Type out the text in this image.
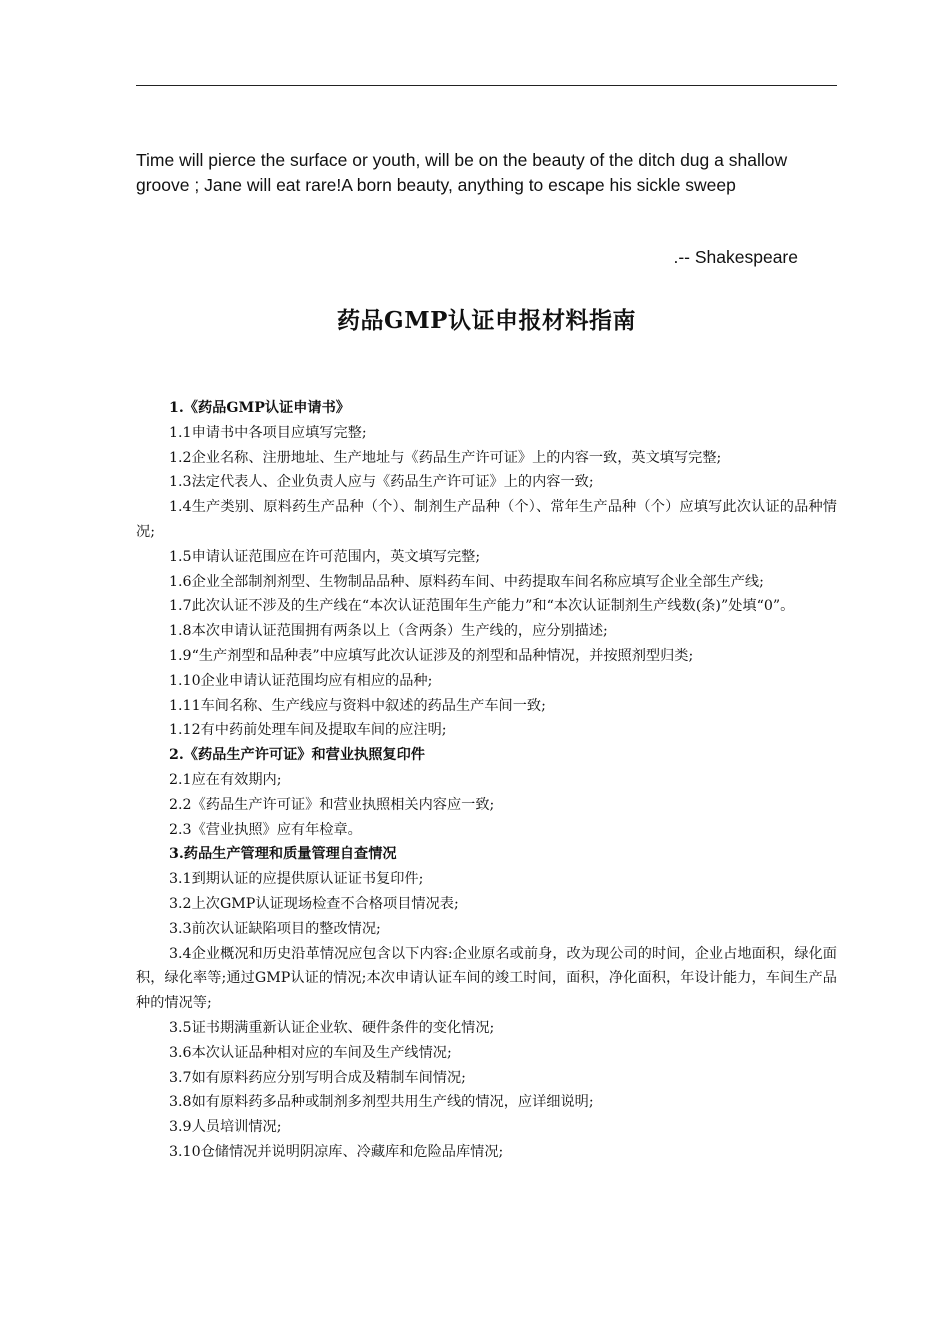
Time will pierce the surface or youth, will be on the beauty of the ditch dug a shallow groove ; Jane will eat rare!A born beauty, anything to escape his sickle sweep
.-- Shakespeare
药品GMP认证申报材料指南

1.《药品GMP认证申请书》

1.1申请书中各项目应填写完整;

1.2企业名称、注册地址、生产地址与《药品生产许可证》上的内容一致，英文填写完整;

1.3法定代表人、企业负责人应与《药品生产许可证》上的内容一致;

1.4生产类别、原料药生产品种（个）、制剂生产品种（个）、常年生产品种（个）应填写此次认证的品种情况;

1.5申请认证范围应在许可范围内，英文填写完整;

1.6企业全部制剂剂型、生物制品品种、原料药车间、中药提取车间名称应填写企业全部生产线;

1.7此次认证不涉及的生产线在“本次认证范围年生产能力”和“本次认证制剂生产线数(条)”处填“0”。

1.8本次申请认证范围拥有两条以上（含两条）生产线的，应分别描述;

1.9“生产剂型和品种表”中应填写此次认证涉及的剂型和品种情况，并按照剂型归类;

1.10企业申请认证范围均应有相应的品种;

1.11车间名称、生产线应与资料中叙述的药品生产车间一致;

1.12有中药前处理车间及提取车间的应注明;

2.《药品生产许可证》和营业执照复印件

2.1应在有效期内;

2.2《药品生产许可证》和营业执照相关内容应一致;

2.3《营业执照》应有年检章。

3.药品生产管理和质量管理自查情况

3.1到期认证的应提供原认证证书复印件;

3.2上次GMP认证现场检查不合格项目情况表;

3.3前次认证缺陷项目的整改情况;

3.4企业概况和历史沿革情况应包含以下内容:企业原名或前身，改为现公司的时间，企业占地面积，绿化面积，绿化率等;通过GMP认证的情况;本次申请认证车间的竣工时间，面积，净化面积，年设计能力，车间生产品种的情况等;

3.5证书期满重新认证企业软、硬件条件的变化情况;

3.6本次认证品种相对应的车间及生产线情况;

3.7如有原料药应分别写明合成及精制车间情况;

3.8如有原料药多品种或制剂多剂型共用生产线的情况，应详细说明;

3.9人员培训情况;

3.10仓储情况并说明阴凉库、冷藏库和危险品库情况;
